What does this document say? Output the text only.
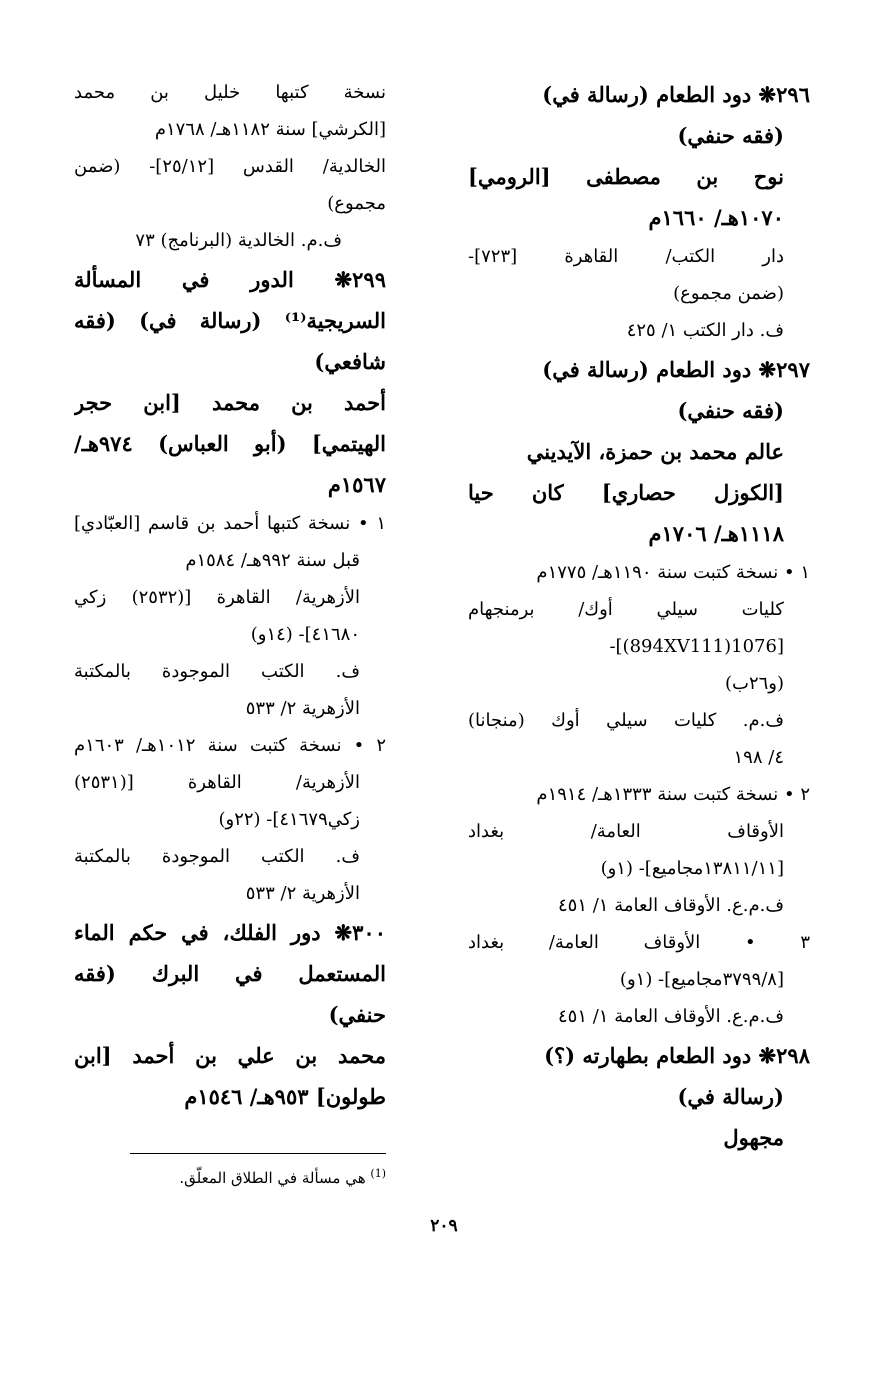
٢٩٦❋ دود الطعام (رسالة في)
(فقه حنفي)
نوح بن مصطفى [الرومي]
١٠٧٠هـ/ ١٦٦٠م
دار الكتب/ القاهرة [٧٢٣]-
(ضمن مجموع)
ف. دار الكتب ١/ ٤٢٥
٢٩٧❋ دود الطعام (رسالة في)
(فقه حنفي)
عالم محمد بن حمزة، الآيديني
[الكوزل حصاري] كان حيا
١١١٨هـ/ ١٧٠٦م
١ • نسخة كتبت سنة ١١٩٠هـ/ ١٧٧٥م
كليات سيلي أوك/ برمنجهام
[1076(894XV111)]-
(و٢٦ب)
ف.م. كليات سيلي أوك (منجانا)
٤/ ١٩٨
٢ • نسخة كتبت سنة ١٣٣٣هـ/ ١٩١٤م
الأوقاف العامة/ بغداد
[١٣٨١١/١١مجاميع]- (١و)
ف.م.ع. الأوقاف العامة ١/ ٤٥١
٣ • الأوقاف العامة/ بغداد
[٣٧٩٩/٨مجاميع]- (١و)
ف.م.ع. الأوقاف العامة ١/ ٤٥١
٢٩٨❋ دود الطعام بطهارته (؟)
(رسالة في)
مجهول
نسخة كتبها خليل بن محمد
[الكرشي] سنة ١١٨٢هـ/ ١٧٦٨م
الخالدية/ القدس [٢٥/١٢]- (ضمن
مجموع)
ف.م. الخالدية (البرنامج) ٧٣
٢٩٩❋ الدور في المسألة
السريجية⁽¹⁾ (رسالة في) (فقه
شافعي)
أحمد بن محمد [ابن حجر
الهيتمي] (أبو العباس) ٩٧٤هـ/
١٥٦٧م
١ • نسخة كتبها أحمد بن قاسم [العبّادي]
قبل سنة ٩٩٢هـ/ ١٥٨٤م
الأزهرية/ القاهرة [(٢٥٣٢) زكي
٤١٦٨٠]- (١٤و)
ف. الكتب الموجودة بالمكتبة
الأزهرية ٢/ ٥٣٣
٢ • نسخة كتبت سنة ١٠١٢هـ/ ١٦٠٣م
الأزهرية/ القاهرة [(٢٥٣١)
زكي٤١٦٧٩]- (٢٢و)
ف. الكتب الموجودة بالمكتبة
الأزهرية ٢/ ٥٣٣
٣٠٠❋ دور الفلك، في حكم الماء
المستعمل في البرك (فقه
حنفي)
محمد بن علي بن أحمد [ابن
طولون] ٩٥٣هـ/ ١٥٤٦م
$^{(1)}$ هي مسألة في الطلاق المعلّق.
٢٠٩
